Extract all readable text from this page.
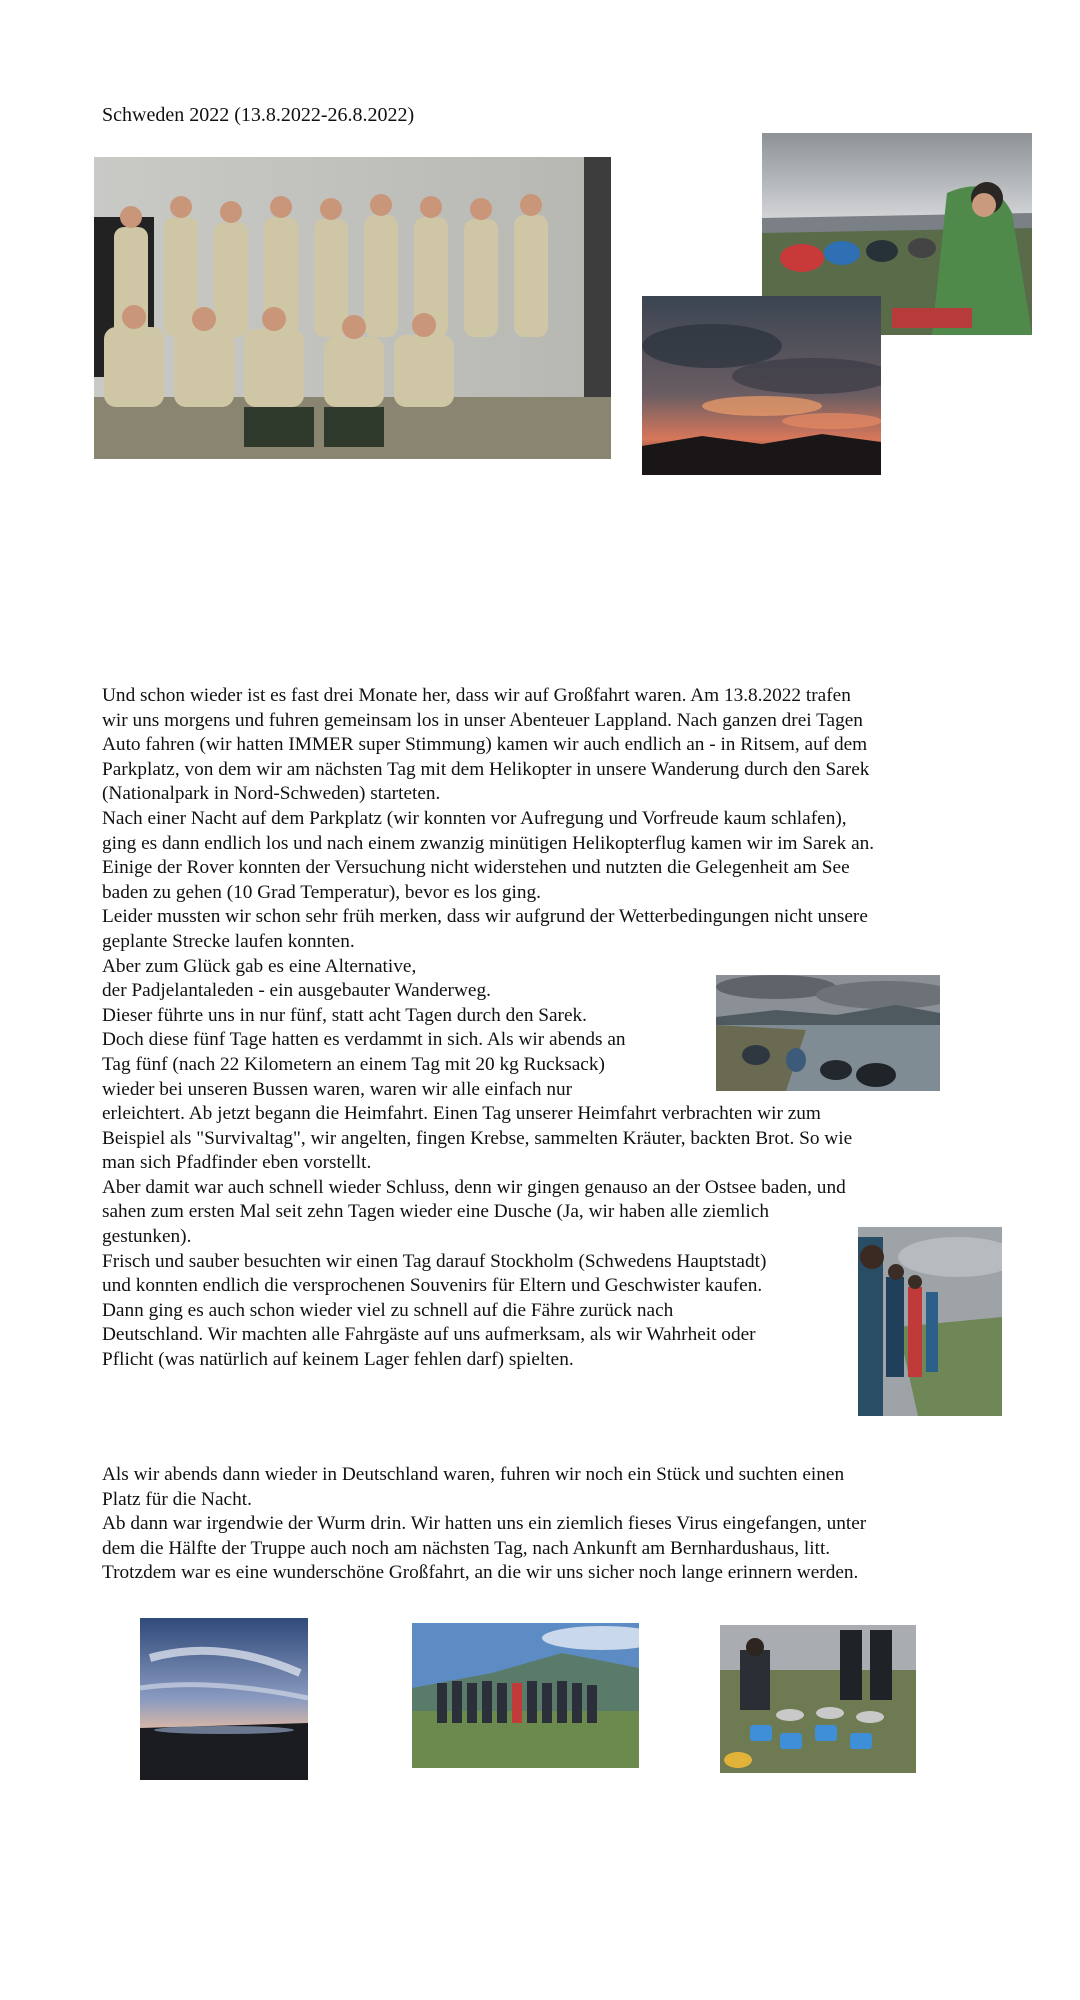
Schweden 2022 (13.8.2022-26.8.2022)

Und schon wieder ist es fast drei Monate her, dass wir auf Großfahrt waren. Am 13.8.2022 trafen
wir uns morgens und fuhren gemeinsam los in unser Abenteuer Lappland. Nach ganzen drei Tagen
Auto fahren (wir hatten IMMER super Stimmung) kamen wir auch endlich an - in Ritsem, auf dem
Parkplatz, von dem wir am nächsten Tag mit dem Helikopter in unsere Wanderung durch den Sarek
(Nationalpark in Nord-Schweden) starteten.
Nach einer Nacht auf dem Parkplatz (wir konnten vor Aufregung und Vorfreude kaum schlafen),
ging es dann endlich los und nach einem zwanzig minütigen Helikopterflug kamen wir im Sarek an.
Einige der Rover konnten der Versuchung nicht widerstehen und nutzten die Gelegenheit am See
baden zu gehen (10 Grad Temperatur), bevor es los ging.
Leider mussten wir schon sehr früh merken, dass wir aufgrund der Wetterbedingungen nicht unsere
geplante Strecke laufen konnten.
Aber zum Glück gab es eine Alternative,
der Padjelantaleden - ein ausgebauter Wanderweg.
Dieser führte uns in nur fünf, statt acht Tagen durch den Sarek.
Doch diese fünf Tage hatten es verdammt in sich. Als wir abends an
Tag fünf (nach 22 Kilometern an einem Tag mit 20 kg Rucksack)
wieder bei unseren Bussen waren, waren wir alle einfach nur
erleichtert. Ab jetzt begann die Heimfahrt. Einen Tag unserer Heimfahrt verbrachten wir zum
Beispiel als "Survivaltag", wir angelten, fingen Krebse, sammelten Kräuter, backten Brot. So wie
man sich Pfadfinder eben vorstellt.
Aber damit war auch schnell wieder Schluss, denn wir gingen genauso an der Ostsee baden, und
sahen zum ersten Mal seit zehn Tagen wieder eine Dusche (Ja, wir haben alle ziemlich
gestunken).
Frisch und sauber besuchten wir einen Tag darauf Stockholm (Schwedens Hauptstadt)
und konnten endlich die versprochenen Souvenirs für Eltern und Geschwister kaufen.
Dann ging es auch schon wieder viel zu schnell auf die Fähre zurück nach
Deutschland. Wir machten alle Fahrgäste auf uns aufmerksam, als wir Wahrheit oder
Pflicht (was natürlich auf keinem Lager fehlen darf) spielten.

Als wir abends dann wieder in Deutschland waren, fuhren wir noch ein Stück und suchten einen
Platz für die Nacht.
Ab dann war irgendwie der Wurm drin. Wir hatten uns ein ziemlich fieses Virus eingefangen, unter
dem die Hälfte der Truppe auch noch am nächsten Tag, nach Ankunft am Bernhardushaus, litt.
Trotzdem war es eine wunderschöne Großfahrt, an die wir uns sicher noch lange erinnern werden.
